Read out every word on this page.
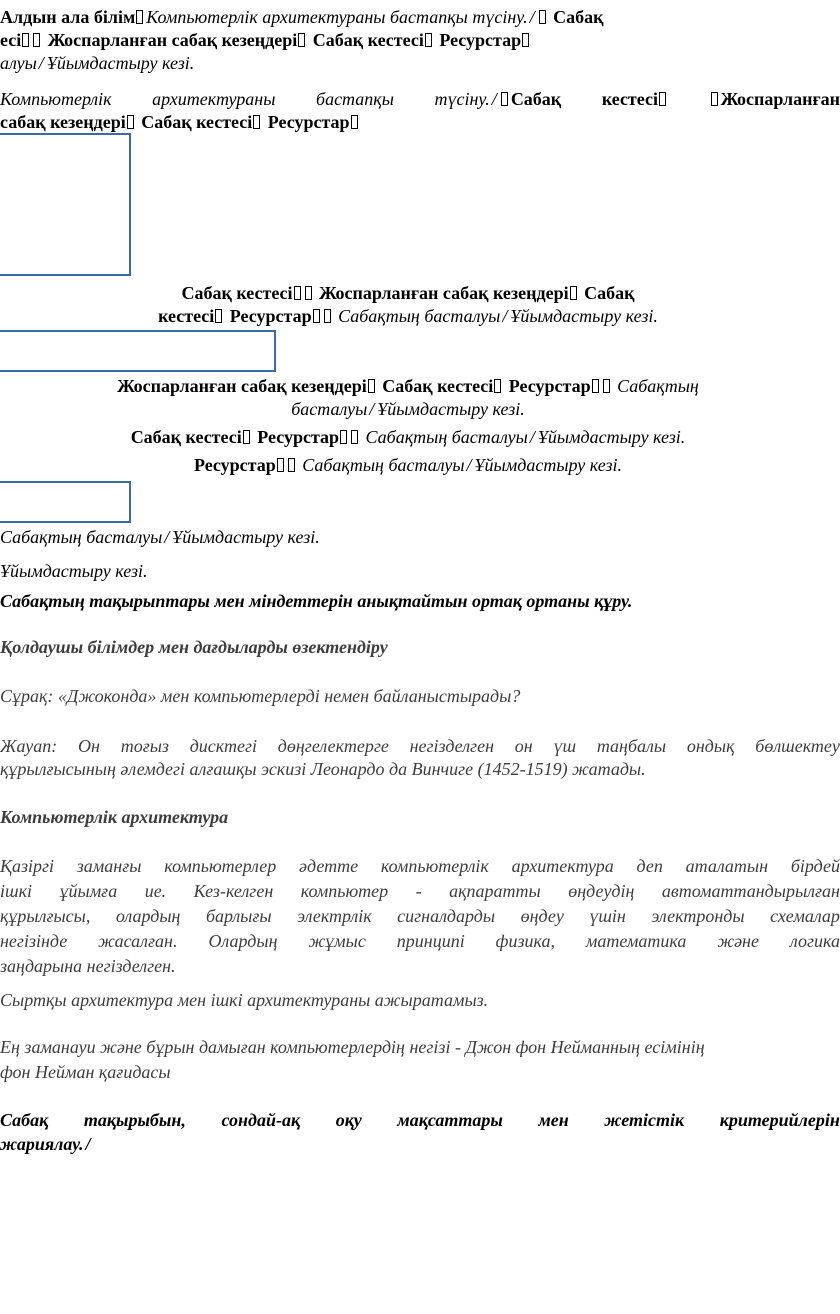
Алдын ала білім Компьютерлік архитектураны бастапқы түсіну. / Сабақ
есі Жоспарланған сабақ кезеңдері Сабақ кестесі Ресурстар
алуы / Ұйымдастыру кезі.
Компьютерлік архитектураны бастапқы түсіну. / Сабақ кестесі	Жоспарланған
сабақ кезеңдері Сабақ кестесі Ресурстар
Сабақ кестесі Жоспарланған сабақ кезеңдері Сабақ
кестесі Ресурстар Сабақтың басталуы / Ұйымдастыру кезі.
Жоспарланған сабақ кезеңдері Сабақ кестесі Ресурстар Сабақтың
басталуы / Ұйымдастыру кезі.
Сабақ кестесі Ресурстар Сабақтың басталуы / Ұйымдастыру кезі.
Ресурстар Сабақтың басталуы / Ұйымдастыру кезі.
Сабақтың басталуы / Ұйымдастыру кезі.
Ұйымдастыру кезі.
Сабақтың тақырыптары мен міндеттерін анықтайтын ортақ ортаны құру.
Қолдаушы білімдер мен дағдыларды өзектендіру
Сұрақ: «Джоконда» мен компьютерлерді немен байланыстырады?
Жауап: Он тоғыз дисктегі дөңгелектерге негізделген он үш таңбалы ондық бөлшектеу
құрылғысының әлемдегі алғашқы эскизі Леонардо да Винчиге (1452-1519) жатады.
Компьютерлік архитектура
Қазіргі заманғы компьютерлер әдетте компьютерлік архитектура деп аталатын бірдей
ішкі ұйымға ие. Кез-келген компьютер - ақпаратты өңдеудің автоматтандырылған
құрылғысы, олардың барлығы электрлік сигналдарды өңдеу үшін электронды схемалар
негізінде жасалған. Олардың жұмыс принципі физика, математика және логика
заңдарына негізделген.
Сыртқы архитектура мен ішкі архитектураны ажыратамыз.
Ең заманауи және бұрын дамыған компьютерлердің негізі - Джон фон Нейманның есімінің
фон Нейман қағидасы
Сабақ тақырыбын, сондай-ақ оқу мақсаттары мен жетістік критерийлерін
жариялау. /
